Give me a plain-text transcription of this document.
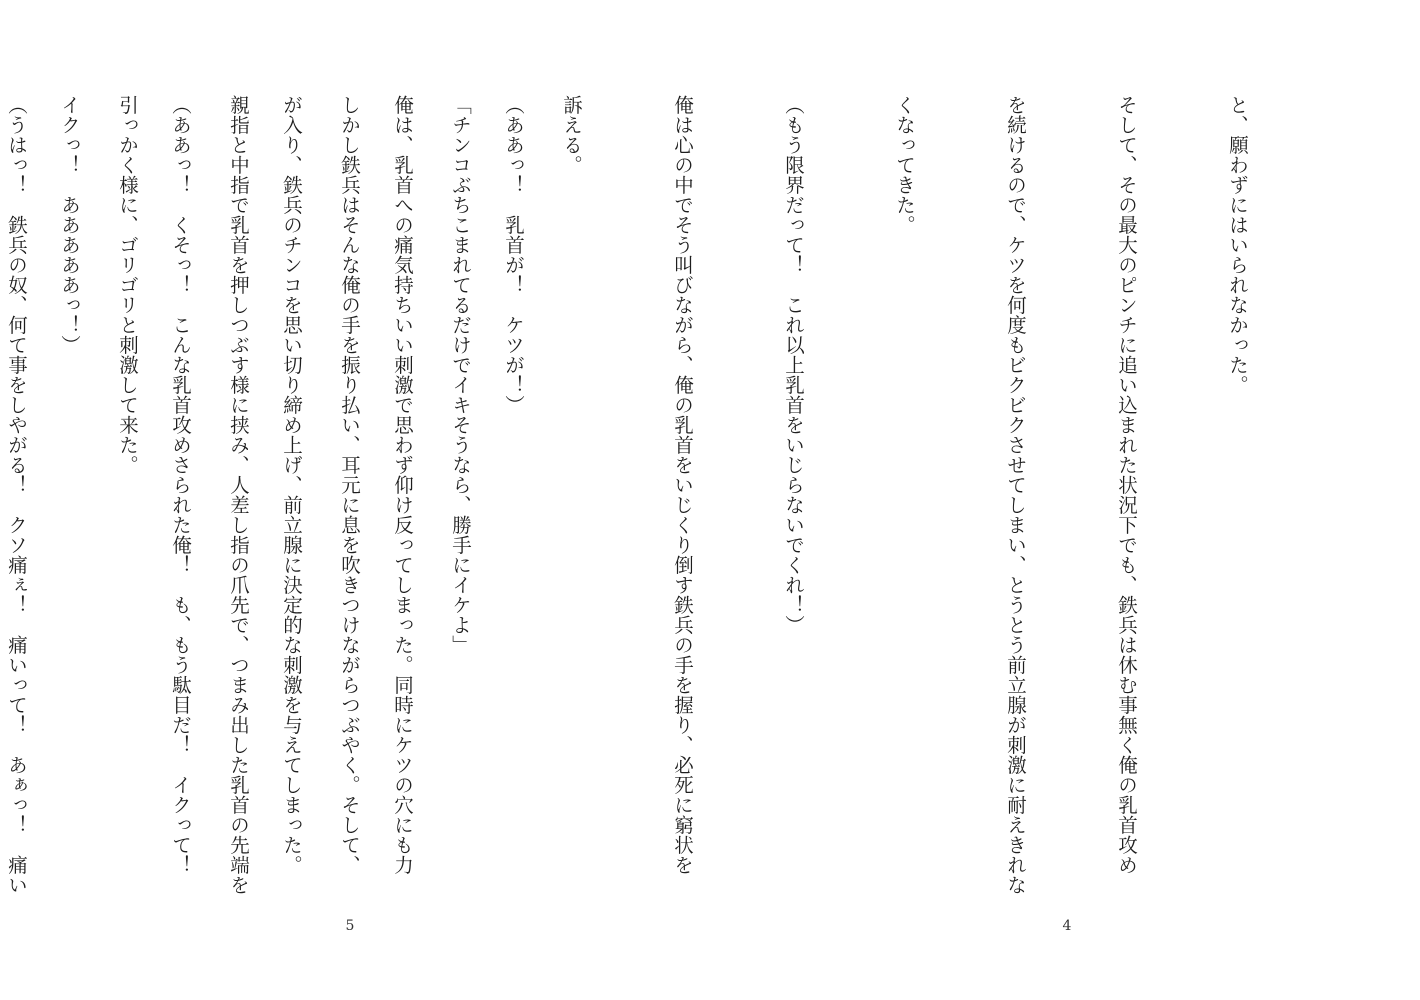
（ああっ！　乳首が！　ケツが！）

俺は、乳首への痛気持ちいい刺激で思わず仰け反ってしまった。同時にケツの穴にも力

が入り、鉄兵のチンコを思い切り締め上げ、前立腺に決定的な刺激を与えてしまった。

（ああっ！　くそっ！　こんな乳首攻めさられた俺！　も、もう駄目だ！　イクって！

イクっ！　あああああっ！）

5

と、願わずにはいられなかった。

そして、その最大のピンチに追い込まれた状況下でも、鉄兵は休む事無く俺の乳首攻め

を続けるので、ケツを何度もビクビクさせてしまい、とうとう前立腺が刺激に耐えきれな

くなってきた。

（もう限界だって！　これ以上乳首をいじらないでくれ！）

俺は心の中でそう叫びながら、俺の乳首をいじくり倒す鉄兵の手を握り、必死に窮状を

訴える。

「チンコぶちこまれてるだけでイキそうなら、勝手にイケよ」

しかし鉄兵はそんな俺の手を振り払い、耳元に息を吹きつけながらつぶやく。そして、

親指と中指で乳首を押しつぶす様に挟み、人差し指の爪先で、つまみ出した乳首の先端を

引っかく様に、ゴリゴリと刺激して来た。

（うはっ！　鉄兵の奴、何て事をしやがる！　クソ痛ぇ！　痛いって！　あぁっ！　痛い

4
